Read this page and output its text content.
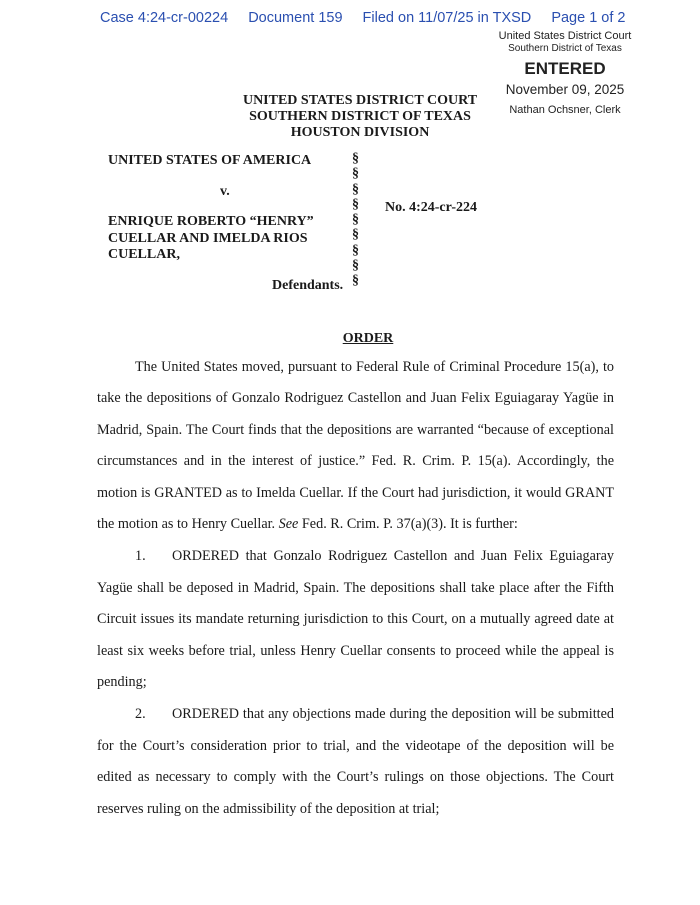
Case 4:24-cr-00224 Document 159 Filed on 11/07/25 in TXSD Page 1 of 2
United States District Court
Southern District of Texas
ENTERED
November 09, 2025
Nathan Ochsner, Clerk
UNITED STATES DISTRICT COURT
SOUTHERN DISTRICT OF TEXAS
HOUSTON DIVISION
UNITED STATES OF AMERICA
v.
ENRIQUE ROBERTO “HENRY”
CUELLAR AND IMELDA RIOS
CUELLAR,
Defendants.
§
§
§
§
§
§
§
§
§
No. 4:24-cr-224
ORDER

The United States moved, pursuant to Federal Rule of Criminal Procedure 15(a), to take the depositions of Gonzalo Rodriguez Castellon and Juan Felix Eguiagaray Yagüe in Madrid, Spain. The Court finds that the depositions are warranted “because of exceptional circumstances and in the interest of justice.” Fed. R. Crim. P. 15(a). Accordingly, the motion is GRANTED as to Imelda Cuellar. If the Court had jurisdiction, it would GRANT the motion as to Henry Cuellar. See Fed. R. Crim. P. 37(a)(3). It is further:

1. ORDERED that Gonzalo Rodriguez Castellon and Juan Felix Eguiagaray Yagüe shall be deposed in Madrid, Spain. The depositions shall take place after the Fifth Circuit issues its mandate returning jurisdiction to this Court, on a mutually agreed date at least six weeks before trial, unless Henry Cuellar consents to proceed while the appeal is pending;

2. ORDERED that any objections made during the deposition will be submitted for the Court’s consideration prior to trial, and the videotape of the deposition will be edited as necessary to comply with the Court’s rulings on those objections. The Court reserves ruling on the admissibility of the deposition at trial;
